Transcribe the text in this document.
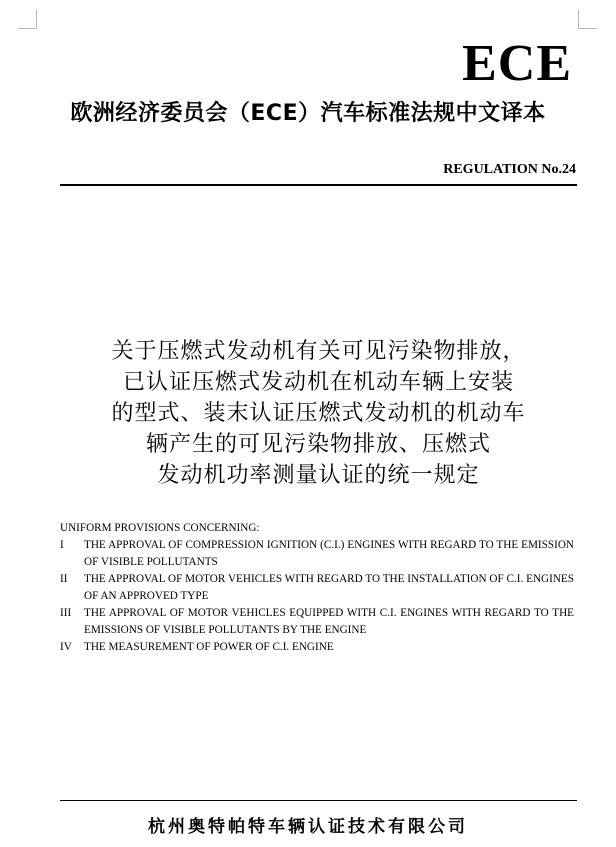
ECE
欧洲经济委员会（ECE）汽车标准法规中文译本
REGULATION No.24
关于压燃式发动机有关可见污染物排放，
已认证压燃式发动机在机动车辆上安装
的型式、装末认证压燃式发动机的机动车
辆产生的可见污染物排放、压燃式
发动机功率测量认证的统一规定
UNIFORM PROVISIONS CONCERNING:
I	THE APPROVAL OF COMPRESSION IGNITION (C.I.) ENGINES WITH REGARD TO THE EMISSION OF VISIBLE POLLUTANTS
II	THE APPROVAL OF MOTOR VEHICLES WITH REGARD TO THE INSTALLATION OF C.I. ENGINES OF AN APPROVED TYPE
III	THE APPROVAL OF MOTOR VEHICLES EQUIPPED WITH C.I. ENGINES WITH REGARD TO THE EMISSIONS OF VISIBLE POLLUTANTS BY THE ENGINE
IV	THE MEASUREMENT OF POWER OF C.I. ENGINE
杭州奥特帕特车辆认证技术有限公司
